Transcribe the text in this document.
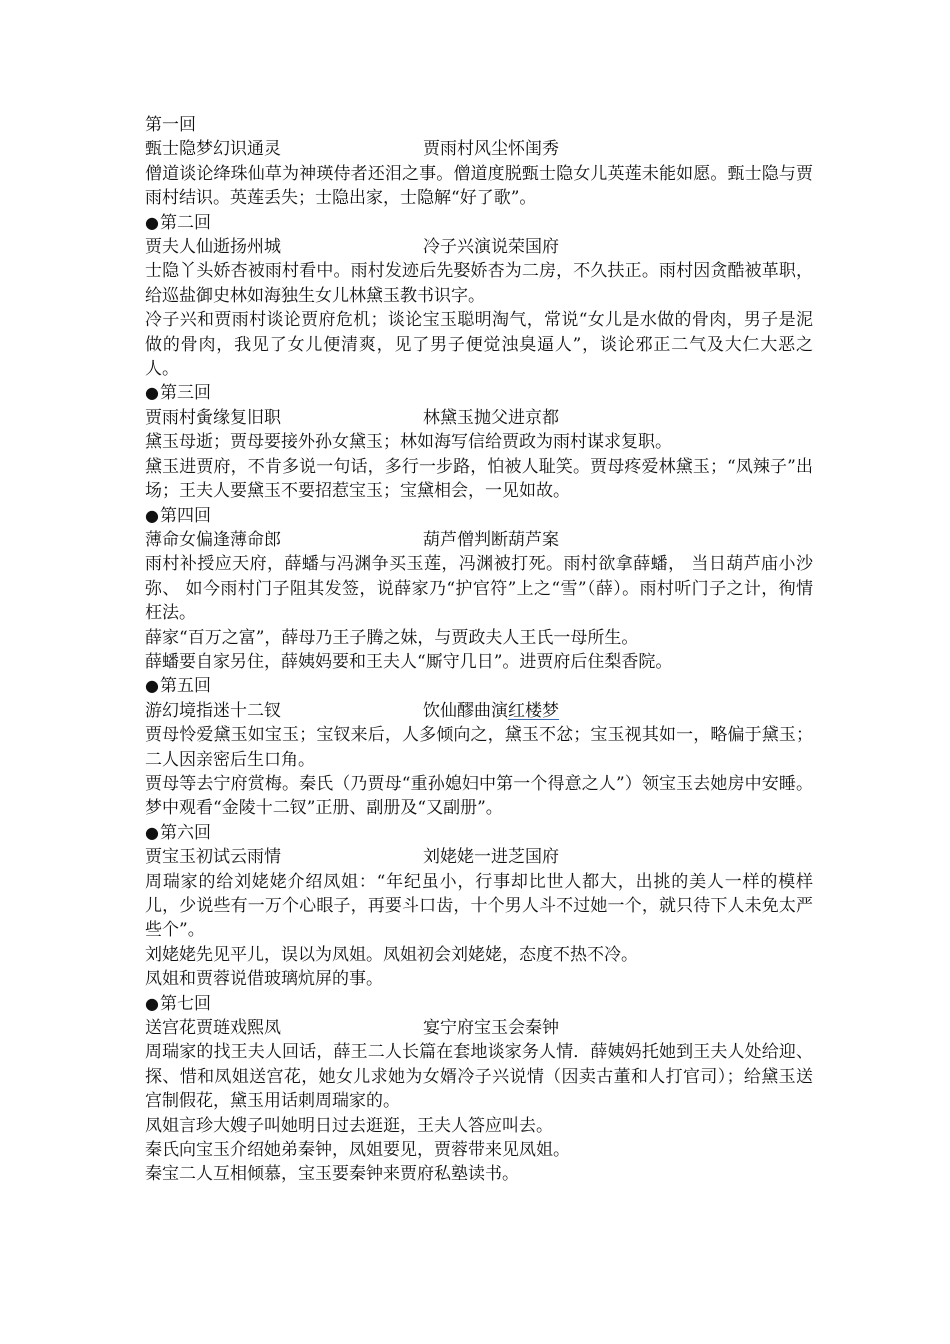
第一回
甄士隐梦幻识通灵	贾雨村风尘怀闺秀
僧道谈论绛珠仙草为神瑛侍者还泪之事。僧道度脱甄士隐女儿英莲未能如愿。甄士隐与贾雨村结识。英莲丢失；士隐出家，士隐解“好了歌”。
●第二回
贾夫人仙逝扬州城	冷子兴演说荣国府
士隐丫头娇杏被雨村看中。雨村发迹后先娶娇杏为二房，不久扶正。雨村因贪酷被革职，给巡盐御史林如海独生女儿林黛玉教书识字。
冷子兴和贾雨村谈论贾府危机；谈论宝玉聪明淘气，常说“女儿是水做的骨肉，男子是泥做的骨肉，我见了女儿便清爽，见了男子便觉浊臭逼人”，谈论邪正二气及大仁大恶之人。
●第三回
贾雨村夤缘复旧职	林黛玉抛父进京都
黛玉母逝；贾母要接外孙女黛玉；林如海写信给贾政为雨村谋求复职。
黛玉进贾府，不肯多说一句话，多行一步路，怕被人耻笑。贾母疼爱林黛玉；“凤辣子”出场；王夫人要黛玉不要招惹宝玉；宝黛相会，一见如故。
●第四回
薄命女偏逢薄命郎	葫芦僧判断葫芦案
雨村补授应天府，薛蟠与冯渊争买玉莲，冯渊被打死。雨村欲拿薛蟠， 当日葫芦庙小沙弥、 如今雨村门子阻其发签，说薛家乃“护官符”上之“雪”（薛）。雨村听门子之计，徇情枉法。
薛家“百万之富”，薛母乃王子腾之妹，与贾政夫人王氏一母所生。
薛蟠要自家另住，薛姨妈要和王夫人“厮守几日”。进贾府后住梨香院。
●第五回
游幻境指迷十二钗	饮仙醪曲演红楼梦
贾母怜爱黛玉如宝玉；宝钗来后，人多倾向之，黛玉不忿；宝玉视其如一，略偏于黛玉；二人因亲密后生口角。
贾母等去宁府赏梅。秦氏（乃贾母“重孙媳妇中第一个得意之人”）领宝玉去她房中安睡。梦中观看“金陵十二钗”正册、副册及“又副册”。
●第六回
贾宝玉初试云雨情	刘姥姥一进芝国府
周瑞家的给刘姥姥介绍凤姐：“年纪虽小，行事却比世人都大，出挑的美人一样的模样儿，少说些有一万个心眼子，再要斗口齿，十个男人斗不过她一个，就只待下人未免太严些个”。
刘姥姥先见平儿，误以为凤姐。凤姐初会刘姥姥，态度不热不冷。
凤姐和贾蓉说借玻璃炕屏的事。
●第七回
送宫花贾琏戏熙凤	宴宁府宝玉会秦钟
周瑞家的找王夫人回话，薛王二人长篇在套地谈家务人情．薛姨妈托她到王夫人处给迎、探、惜和凤姐送宫花，她女儿求她为女婿冷子兴说情（因卖古董和人打官司）；给黛玉送宫制假花，黛玉用话刺周瑞家的。
凤姐言珍大嫂子叫她明日过去逛逛，王夫人答应叫去。
秦氏向宝玉介绍她弟秦钟，凤姐要见，贾蓉带来见凤姐。
秦宝二人互相倾慕，宝玉要秦钟来贾府私塾读书。
